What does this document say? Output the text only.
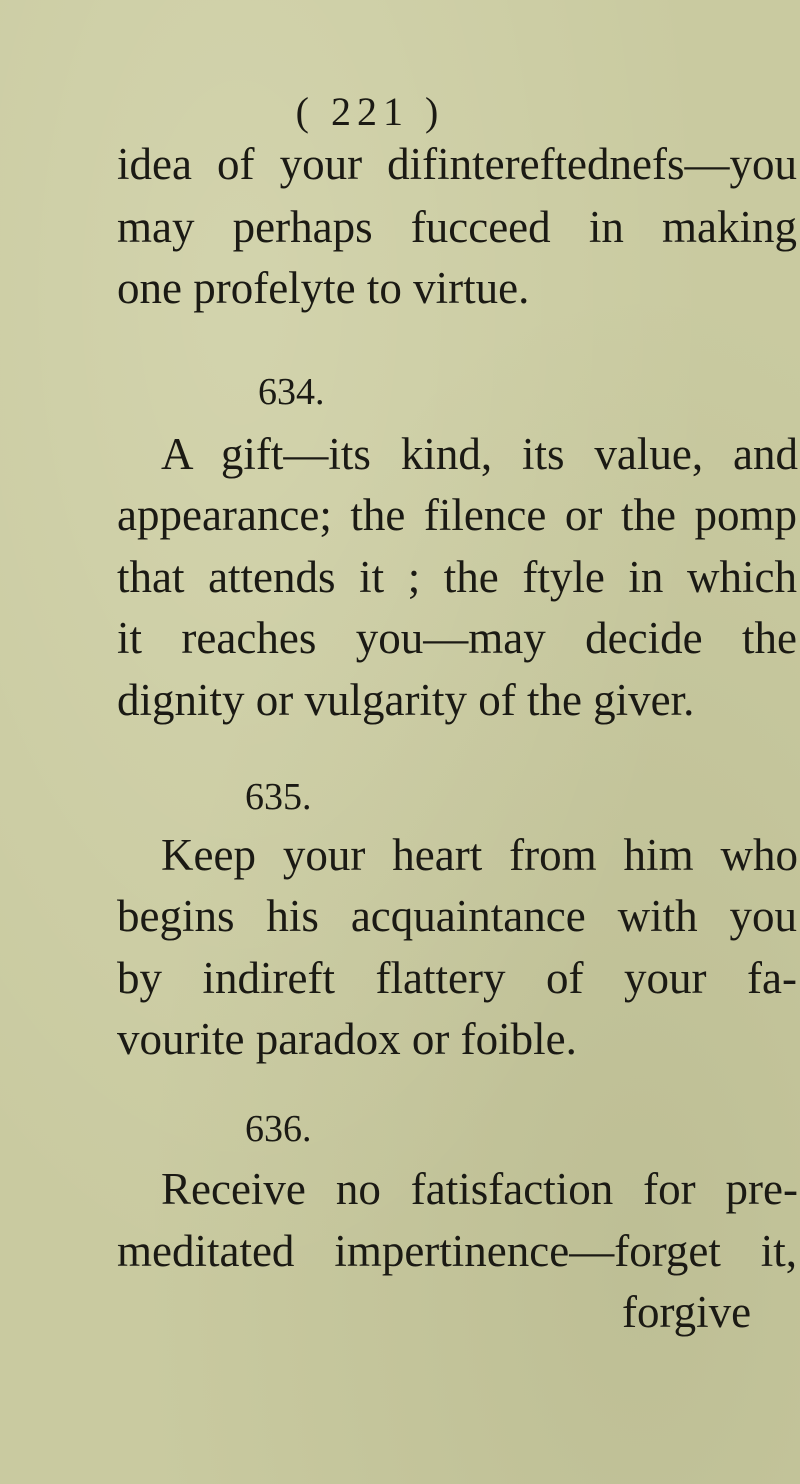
( 221 )
idea of your difintereftednefs—you
may perhaps fucceed in making
one profelyte to virtue.
634.
A gift—its kind, its value, and
appearance; the filence or the pomp
that attends it ; the ftyle in which
it reaches you—may decide the
dignity or vulgarity of the giver.
635.
Keep your heart from him who
begins his acquaintance with you
by indireft flattery of your fa-
vourite paradox or foible.
636.
Receive no fatisfaction for pre-
meditated impertinence—forget it,
forgive
